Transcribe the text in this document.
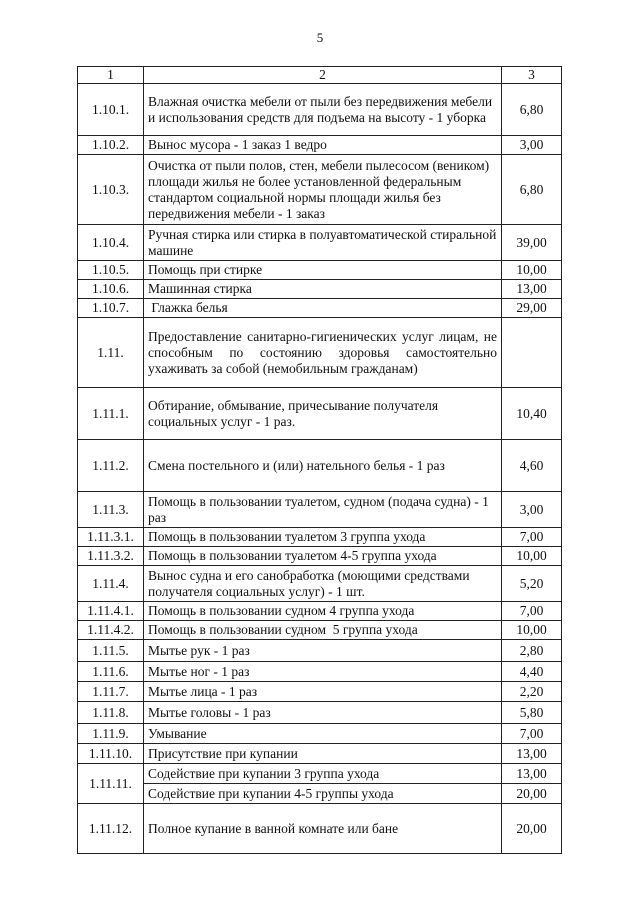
5
1	2	3
1.10.1.	Влажная очистка мебели от пыли без передвижения мебели и использования средств для подъема на высоту - 1 уборка	6,80
1.10.2.	Вынос мусора - 1 заказ 1 ведро	3,00
1.10.3.	Очистка от пыли полов, стен, мебели пылесосом (веником) площади жилья не более установленной федеральным стандартом социальной нормы площади жилья без передвижения мебели - 1 заказ	6,80
1.10.4.	Ручная стирка или стирка в полуавтоматической стиральной машине	39,00
1.10.5.	Помощь при стирке	10,00
1.10.6.	Машинная стирка	13,00
1.10.7.	Глажка белья	29,00
1.11.	Предоставление санитарно-гигиенических услуг лицам, не способным по состоянию здоровья самостоятельно ухаживать за собой (немобильным гражданам)	
1.11.1.	Обтирание, обмывание, причесывание получателя социальных услуг - 1 раз.	10,40
1.11.2.	Смена постельного и (или) нательного белья - 1 раз	4,60
1.11.3.	Помощь в пользовании туалетом, судном (подача судна) - 1 раз	3,00
1.11.3.1.	Помощь в пользовании туалетом 3 группа ухода	7,00
1.11.3.2.	Помощь в пользовании туалетом 4-5 группа ухода	10,00
1.11.4.	Вынос судна и его санобработка (моющими средствами получателя социальных услуг) - 1 шт.	5,20
1.11.4.1.	Помощь в пользовании судном 4 группа ухода	7,00
1.11.4.2.	Помощь в пользовании судном  5 группа ухода	10,00
1.11.5.	Мытье рук - 1 раз	2,80
1.11.6.	Мытье ног - 1 раз	4,40
1.11.7.	Мытье лица - 1 раз	2,20
1.11.8.	Мытье головы - 1 раз	5,80
1.11.9.	Умывание	7,00
1.11.10.	Присутствие при купании	13,00
1.11.11.	Содействие при купании 3 группа ухода	13,00
	Содействие при купании 4-5 группы ухода	20,00
1.11.12.	Полное купание в ванной комнате или бане	20,00
